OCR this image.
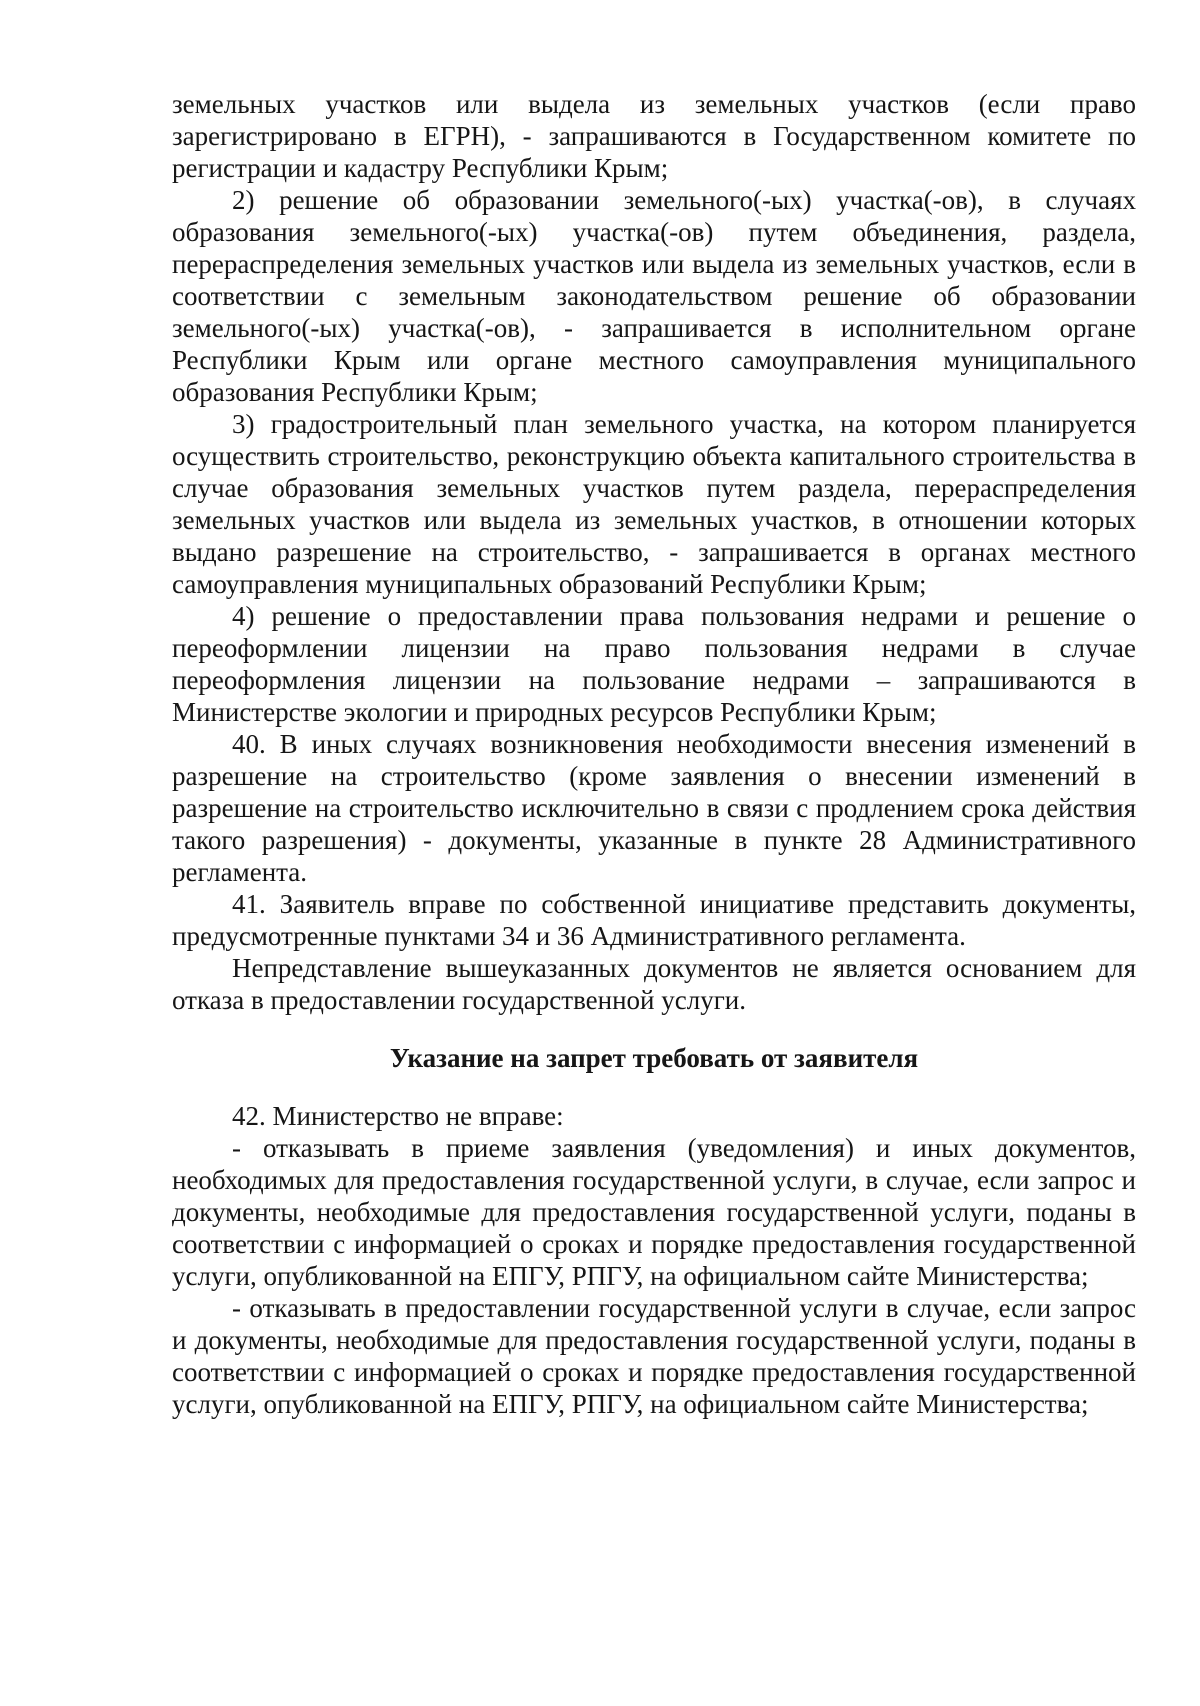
земельных участков или выдела из земельных участков (если право зарегистрировано в ЕГРН), - запрашиваются в Государственном комитете по регистрации и кадастру Республики Крым;

2) решение об образовании земельного(-ых) участка(-ов), в случаях образования земельного(-ых) участка(-ов) путем объединения, раздела, перераспределения земельных участков или выдела из земельных участков, если в соответствии с земельным законодательством решение об образовании земельного(-ых) участка(-ов), - запрашивается в исполнительном органе Республики Крым или органе местного самоуправления муниципального образования Республики Крым;

3) градостроительный план земельного участка, на котором планируется осуществить строительство, реконструкцию объекта капитального строительства в случае образования земельных участков путем раздела, перераспределения земельных участков или выдела из земельных участков, в отношении которых выдано разрешение на строительство, - запрашивается в органах местного самоуправления муниципальных образований Республики Крым;

4) решение о предоставлении права пользования недрами и решение о переоформлении лицензии на право пользования недрами в случае переоформления лицензии на пользование недрами – запрашиваются в Министерстве экологии и природных ресурсов Республики Крым;

40. В иных случаях возникновения необходимости внесения изменений в разрешение на строительство (кроме заявления о внесении изменений в разрешение на строительство исключительно в связи с продлением срока действия такого разрешения) - документы, указанные в пункте 28 Административного регламента.

41. Заявитель вправе по собственной инициативе представить документы, предусмотренные пунктами 34 и 36 Административного регламента.

Непредставление вышеуказанных документов не является основанием для отказа в предоставлении государственной услуги.

Указание на запрет требовать от заявителя

42. Министерство не вправе:

- отказывать в приеме заявления (уведомления) и иных документов, необходимых для предоставления государственной услуги, в случае, если запрос и документы, необходимые для предоставления государственной услуги, поданы в соответствии с информацией о сроках и порядке предоставления государственной услуги, опубликованной на ЕПГУ, РПГУ, на официальном сайте Министерства;

- отказывать в предоставлении государственной услуги в случае, если запрос и документы, необходимые для предоставления государственной услуги, поданы в соответствии с информацией о сроках и порядке предоставления государственной услуги, опубликованной на ЕПГУ, РПГУ, на официальном сайте Министерства;
